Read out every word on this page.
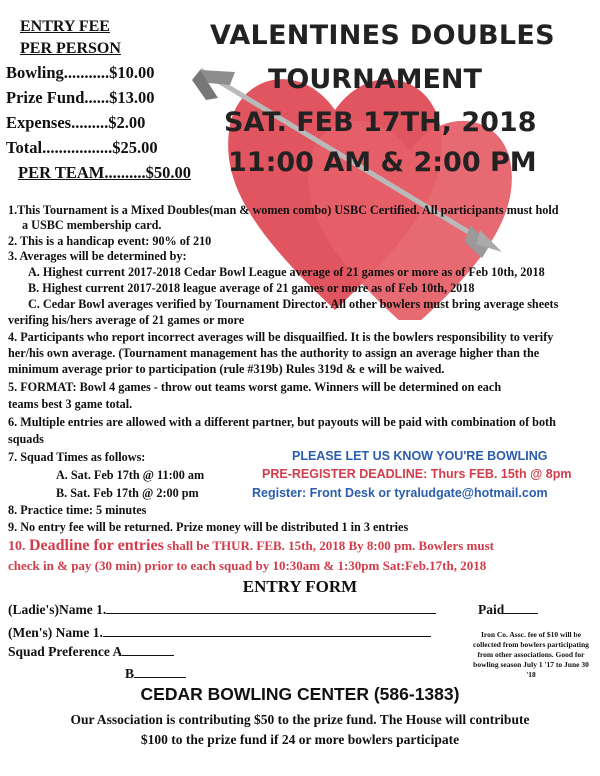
ENTRY FEE
PER PERSON
Bowling...........$10.00
Prize Fund......$13.00
Expenses.........$2.00
Total.................$25.00
PER TEAM..........$50.00
VALENTINES DOUBLES
TOURNAMENT
SAT. FEB 17TH, 2018
11:00 AM & 2:00 PM
1.This Tournament is a Mixed Doubles(man & women combo) USBC Certified. All participants must hold
a USBC membership card.
2. This is a handicap event: 90% of 210
3. Averages will be determined by:
A. Highest current 2017-2018 Cedar Bowl League average of 21 games or more as of Feb 10th, 2018
B. Highest current 2017-2018 league average of 21 games or more as of Feb 10th, 2018
C. Cedar Bowl averages verified by Tournament Director. All other bowlers must bring average sheets
verifing his/hers average of 21 games or more
4. Participants who report incorrect averages will be disquailfied. It is the bowlers responsibility to verify
her/his own average. (Tournament management has the authority to assign an average higher than the
minimum average prior to participation (rule #319b) Rules 319d & e will be waived.
5. FORMAT: Bowl 4 games - throw out teams worst game. Winners will be determined on each
teams best 3 game total.
6. Multiple entries are allowed with a different partner, but payouts will be paid with combination of both
squads
7. Squad Times as follows:
A. Sat. Feb 17th @ 11:00 am
B. Sat. Feb 17th @ 2:00 pm
8. Practice time: 5 minutes
9. No entry fee will be returned. Prize money will be distributed 1 in 3 entries
PLEASE LET US KNOW YOU'RE BOWLING
PRE-REGISTER DEADLINE: Thurs FEB. 15th @ 8pm
Register: Front Desk or tyraludgate@hotmail.com
10. Deadline for entries shall be THUR. FEB. 15th, 2018 By 8:00 pm. Bowlers must
check in & pay (30 min) prior to each squad by 10:30am & 1:30pm Sat:Feb.17th, 2018
ENTRY FORM
(Ladie's)Name 1.
(Men's) Name 1.
Squad Preference A
B
Paid
Iron Co. Assc. fee of $10 will be collected from bowlers participating from other associations. Good for bowling season July 1 '17 to June 30 '18
CEDAR BOWLING CENTER (586-1383)
Our Association is contributing $50 to the prize fund. The House will contribute
$100 to the prize fund if 24 or more bowlers participate
